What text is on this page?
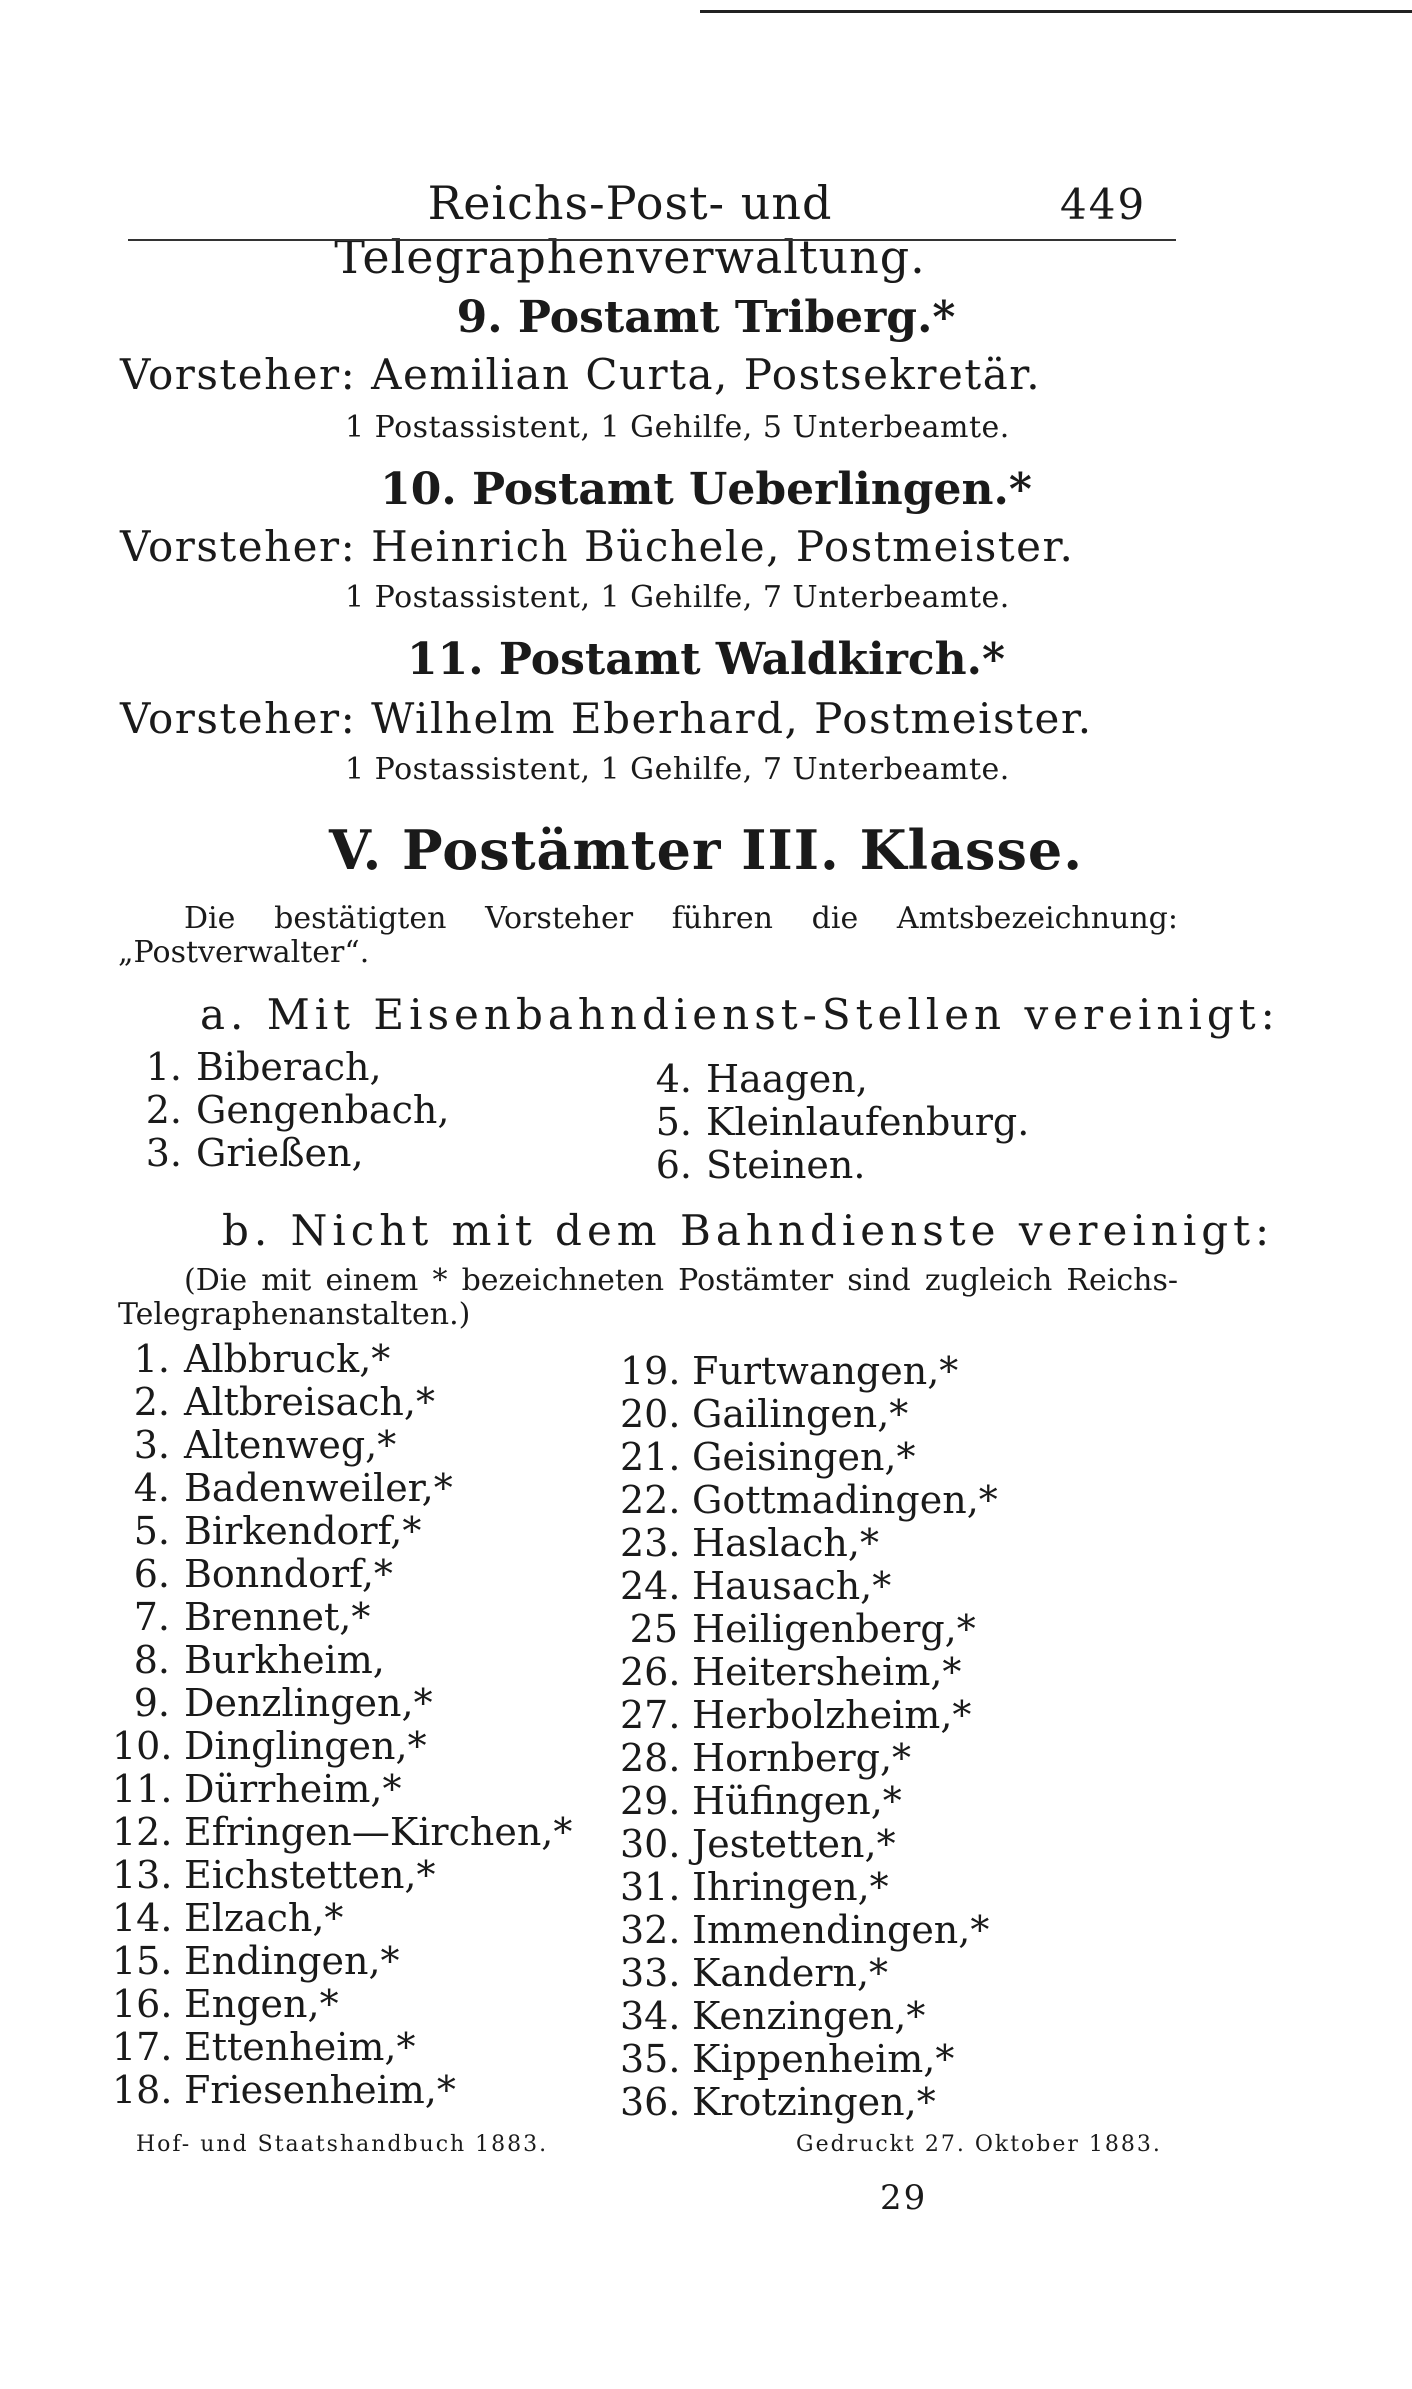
Reichs-Post- und Telegraphenverwaltung.
449
9. Postamt Triberg.*
Vorsteher: Aemilian Curta, Postsekretär.
1 Postassistent, 1 Gehilfe, 5 Unterbeamte.
10. Postamt Ueberlingen.*
Vorsteher: Heinrich Büchele, Postmeister.
1 Postassistent, 1 Gehilfe, 7 Unterbeamte.
11. Postamt Waldkirch.*
Vorsteher: Wilhelm Eberhard, Postmeister.
1 Postassistent, 1 Gehilfe, 7 Unterbeamte.
V. Postämter III. Klasse.
Die bestätigten Vorsteher führen die Amtsbezeichnung: „Postverwalter“.
a. Mit Eisenbahndienst-Stellen vereinigt:
1. Biberach,
2. Gengenbach,
3. Grießen,
4. Haagen,
5. Kleinlaufenburg.
6. Steinen.
b. Nicht mit dem Bahndienste vereinigt:
(Die mit einem * bezeichneten Postämter sind zugleich Reichs-Telegraphenanstalten.)
1. Albbruck,*
2. Altbreisach,*
3. Altenweg,*
4. Badenweiler,*
5. Birkendorf,*
6. Bonndorf,*
7. Brennet,*
8. Burkheim,
9. Denzlingen,*
10. Dinglingen,*
11. Dürrheim,*
12. Efringen—Kirchen,*
13. Eichstetten,*
14. Elzach,*
15. Endingen,*
16. Engen,*
17. Ettenheim,*
18. Friesenheim,*
19. Furtwangen,*
20. Gailingen,*
21. Geisingen,*
22. Gottmadingen,*
23. Haslach,*
24. Hausach,*
25 Heiligenberg,*
26. Heitersheim,*
27. Herbolzheim,*
28. Hornberg,*
29. Hüfingen,*
30. Jestetten,*
31. Ihringen,*
32. Immendingen,*
33. Kandern,*
34. Kenzingen,*
35. Kippenheim,*
36. Krotzingen,*
Hof- und Staatshandbuch 1883.	Gedruckt 27. Oktober 1883.
29
